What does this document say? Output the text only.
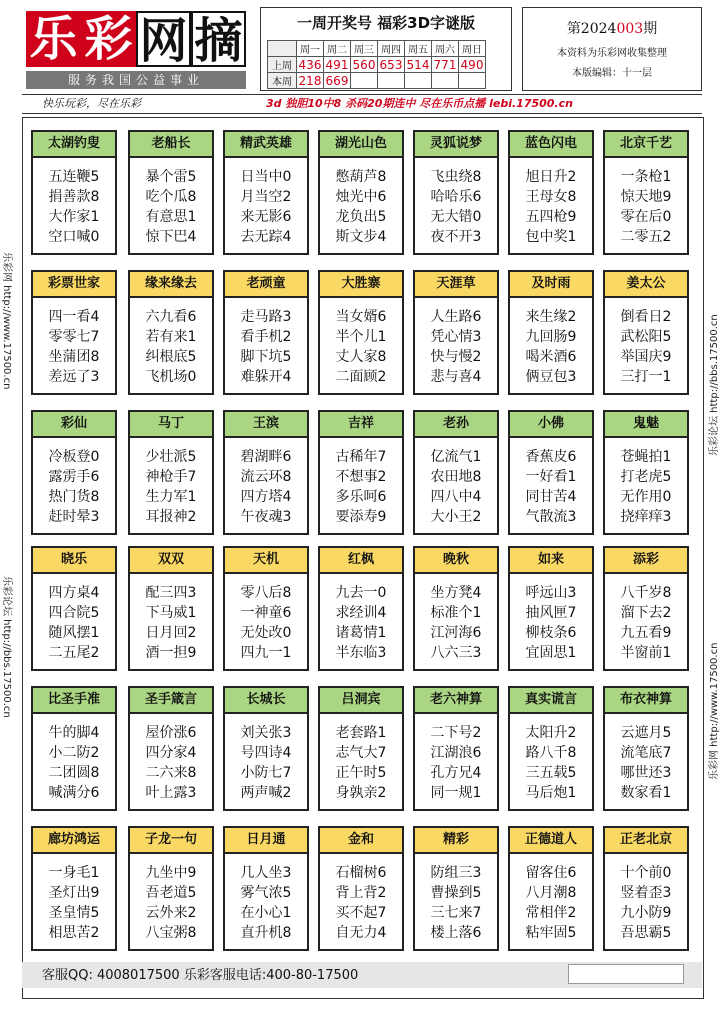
乐 彩 网 摘
服务我国公益事业
一周开奖号 福彩3D字谜版
	周一	周二	周三	周四	周五	周六	周日
上周	436	491	560	653	514	771	490
本周	218	669					
第2024003期
本资料为乐彩网收集整理
本版编辑：十一层
快乐玩彩，尽在乐彩	3d 独胆10中8 杀码20期连中 尽在乐币点播 lebi.17500.cn
太湖钓叟
五连鞭5
捐善款8
大作家1
空口喊0
老船长
暴个雷5
吃个瓜8
有意思1
惊下巴4
精武英雄
日当中0
月当空2
来无影6
去无踪4
湖光山色
憋葫芦8
烛光中6
龙负出5
斯文步4
灵狐说梦
飞虫绕8
哈哈乐6
无大错0
夜不开3
蓝色闪电
旭日升2
王母女8
五四枪9
包中奖1
北京千艺
一条枪1
惊天地9
零在后0
二零五2
彩票世家
四一看4
零零七7
坐蒲团8
差远了3
缘来缘去
六九看6
若有来1
纠根底5
飞机场0
老顽童
走马路3
看手机2
脚下坑5
难躲开4
大胜寨
当女婿6
半个儿1
丈人家8
二面顾2
天涯草
人生路6
凭心情3
快与慢2
悲与喜4
及时雨
来生缘2
九回肠9
喝米酒6
俩豆包3
姜太公
倒看日2
武松阳5
举国庆9
三打一1
彩仙
冷板登0
露雳手6
热门货8
赶时晕3
马丁
少壮派5
神枪手7
生力军1
耳报神2
王滨
碧湖畔6
流云环8
四方塔4
午夜魂3
吉祥
古稀年7
不想事2
多乐呵6
要添寿9
老孙
亿流气1
农田地8
四八中4
大小王2
小佛
香蕉皮6
一好看1
同甘苦4
气散流3
鬼魅
苍蝇拍1
打老虎5
无作用0
挠痒痒3
晓乐
四方桌4
四合院5
随风摆1
二五尾2
双双
配三四3
下马威1
日月回2
酒一担9
天机
零八后8
一神童6
无处改0
四九一1
红枫
九去一0
求经训4
诸葛情1
半东临3
晚秋
坐方凳4
标准个1
江河海6
八六三3
如来
呼远山3
抽风匣7
柳枝条6
宜固思1
添彩
八千岁8
溜下去2
九五看9
半窗前1
比圣手准
牛的脚4
小二防2
二团圆8
喊满分6
圣手箴言
屋价涨6
四分家4
二六来8
叶上露3
长城长
刘关张3
号四诗4
小防七7
两声喊2
吕洞宾
老套路1
志气大7
正午时5
身孰亲2
老六神算
二下号2
江湖浪6
孔方兄4
同一规1
真实谎言
太阳升2
路八千8
三五载5
马后炮1
布衣神算
云遮月5
流笔底7
哪世还3
数家看1
廊坊鸿运
一身毛1
圣灯出9
圣皇情5
相思苦2
子龙一句
九坐中9
吾老道5
云外来2
八宝粥8
日月通
几人坐3
雾气浓5
在小心1
直升机8
金和
石榴树6
背上背2
买不起7
自无力4
精彩
防组三3
曹操到5
三七来7
楼上落6
正德道人
留客住6
八月潮8
常相伴2
粘牢固5
正老北京
十个前0
竖着歪3
九小防9
吾思霸5
乐彩网 http://www.17500.cn
乐彩论坛 http://bbs.17500.cn
乐彩论坛 http://bbs.17500.cn
乐彩网 http://www.17500.cn
客服QQ: 4008017500 乐彩客服电话:400-80-17500
